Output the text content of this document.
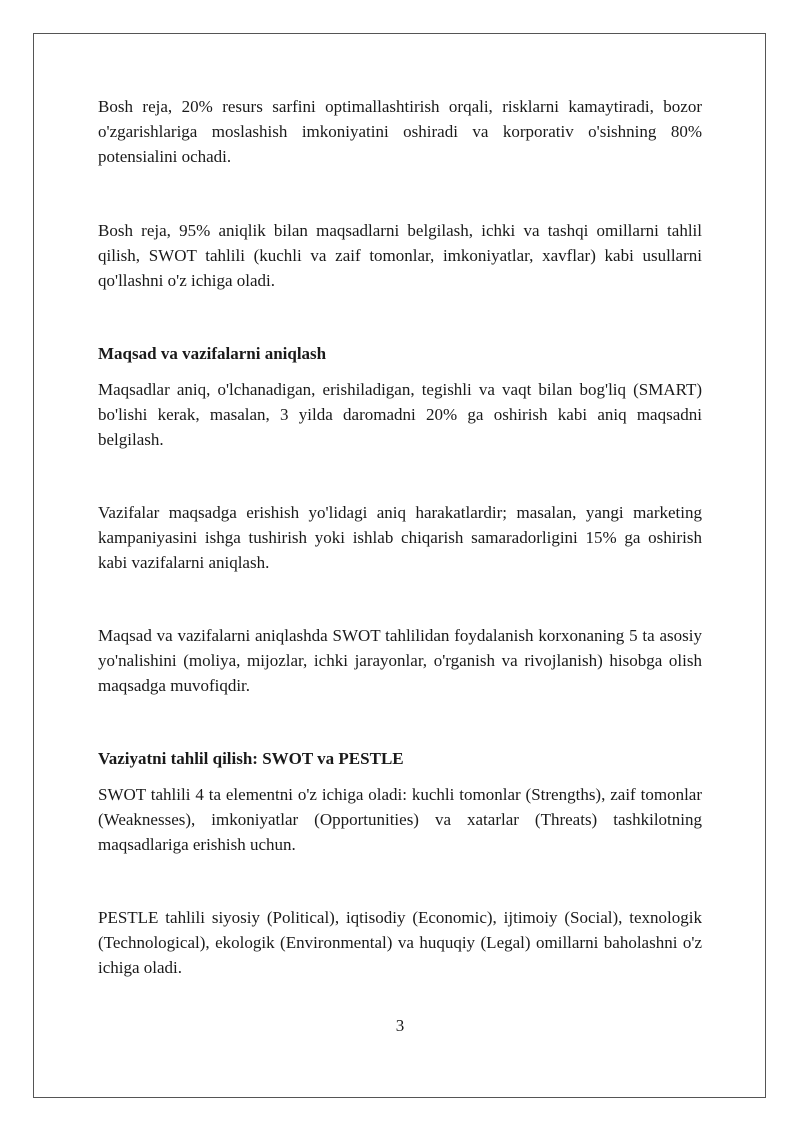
Bosh reja, 20% resurs sarfini optimallashtirish orqali, risklarni kamaytiradi, bozor o'zgarishlariga moslashish imkoniyatini oshiradi va korporativ o'sishning 80% potensialini ochadi.

Bosh reja, 95% aniqlik bilan maqsadlarni belgilash, ichki va tashqi omillarni tahlil qilish, SWOT tahlili (kuchli va zaif tomonlar, imkoniyatlar, xavflar) kabi usullarni qo'llashni o'z ichiga oladi.

Maqsad va vazifalarni aniqlash

Maqsadlar aniq, o'lchanadigan, erishiladigan, tegishli va vaqt bilan bog'liq (SMART) bo'lishi kerak, masalan, 3 yilda daromadni 20% ga oshirish kabi aniq maqsadni belgilash.

Vazifalar maqsadga erishish yo'lidagi aniq harakatlardir; masalan, yangi marketing kampaniyasini ishga tushirish yoki ishlab chiqarish samaradorligini 15% ga oshirish kabi vazifalarni aniqlash.

Maqsad va vazifalarni aniqlashda SWOT tahlilidan foydalanish korxonaning 5 ta asosiy yo'nalishini (moliya, mijozlar, ichki jarayonlar, o'rganish va rivojlanish) hisobga olish maqsadga muvofiqdir.

Vaziyatni tahlil qilish: SWOT va PESTLE

SWOT tahlili 4 ta elementni o'z ichiga oladi: kuchli tomonlar (Strengths), zaif tomonlar (Weaknesses), imkoniyatlar (Opportunities) va xatarlar (Threats) tashkilotning maqsadlariga erishish uchun.

PESTLE tahlili siyosiy (Political), iqtisodiy (Economic), ijtimoiy (Social), texnologik (Technological), ekologik (Environmental) va huquqiy (Legal) omillarni baholashni o'z ichiga oladi.

3
